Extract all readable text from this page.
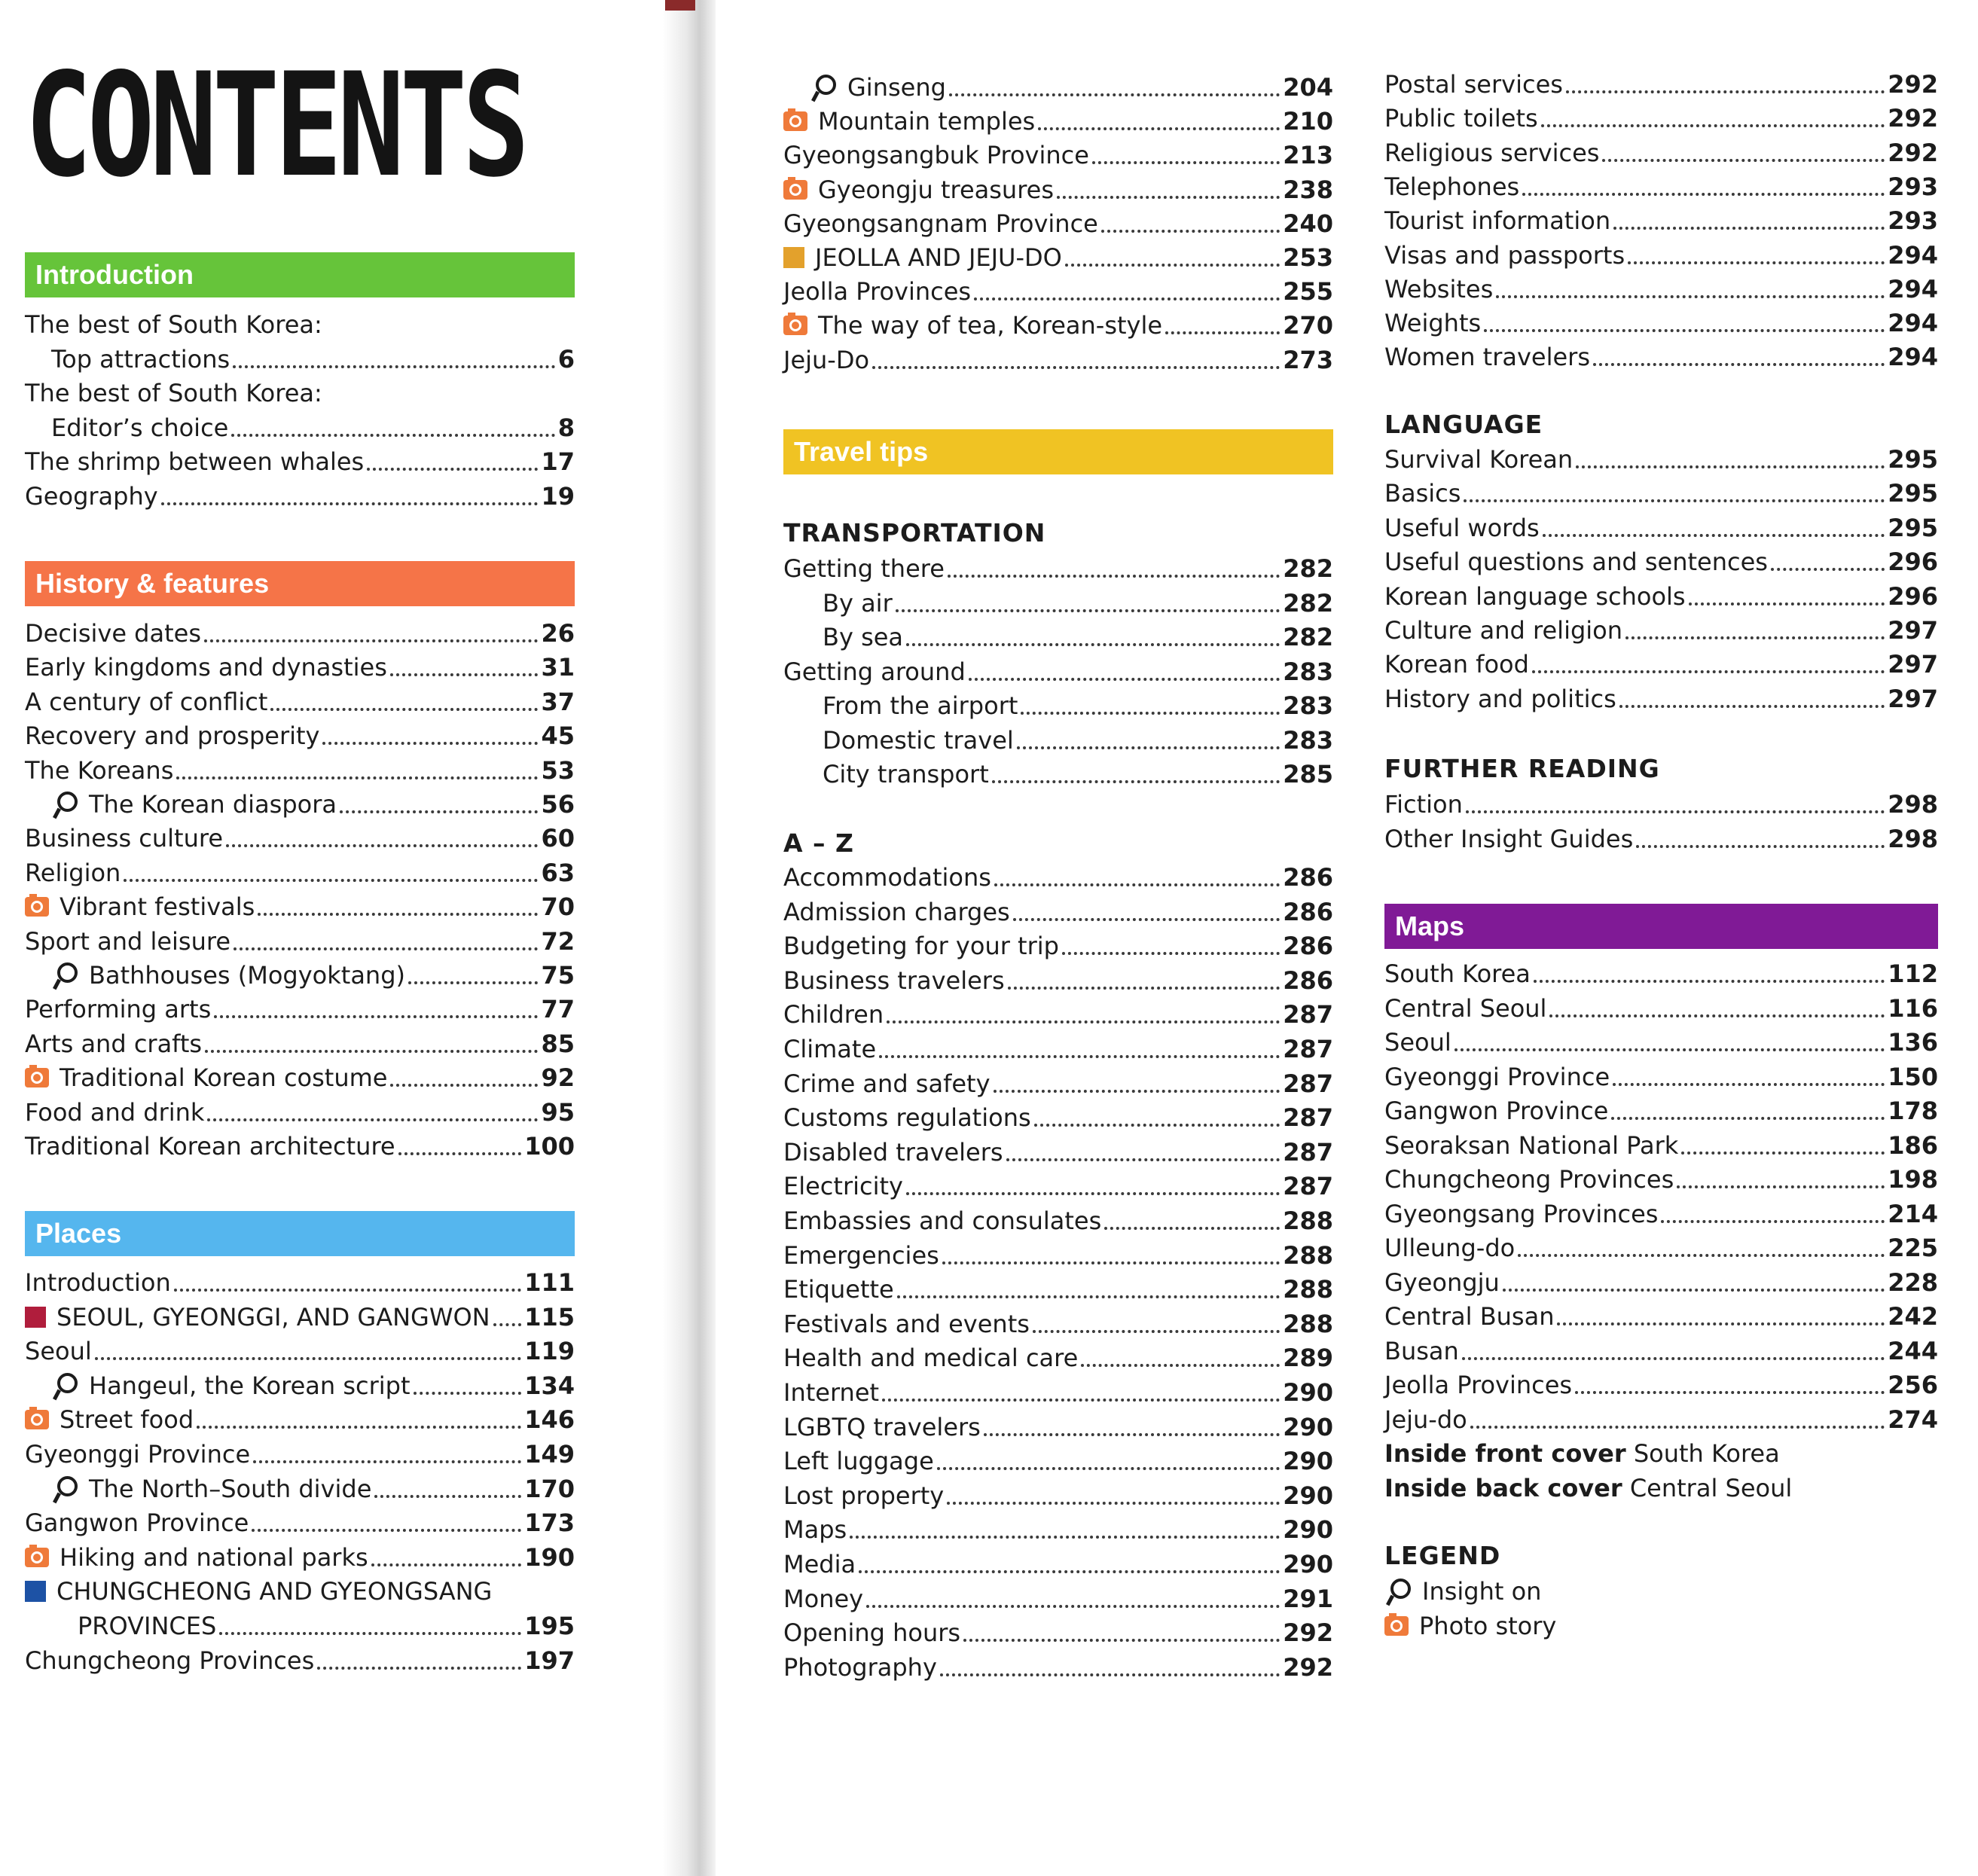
CONTENTS
Introduction
The best of South Korea:
Top attractions	6
The best of South Korea:
Editor’s choice	8
The shrimp between whales	17
Geography	19
History & features
Decisive dates	26
Early kingdoms and dynasties	31
A century of conflict	37
Recovery and prosperity	45
The Koreans	53
The Korean diaspora	56
Business culture	60
Religion	63
Vibrant festivals	70
Sport and leisure	72
Bathhouses (Mogyoktang)	75
Performing arts	77
Arts and crafts	85
Traditional Korean costume	92
Food and drink	95
Traditional Korean architecture	100
Places
Introduction	111
SEOUL, GYEONGGI, AND GANGWON 115
Seoul	119
Hangeul, the Korean script	134
Street food	146
Gyeonggi Province	149
The North–South divide	170
Gangwon Province	173
Hiking and national parks	190
CHUNGCHEONG AND GYEONGSANG
PROVINCES	195
Chungcheong Provinces	197
Ginseng	204
Mountain temples	210
Gyeongsangbuk Province	213
Gyeongju treasures	238
Gyeongsangnam Province	240
JEOLLA AND JEJU-DO	253
Jeolla Provinces	255
The way of tea, Korean-style	270
Jeju-Do	273
Travel tips
TRANSPORTATION
Getting there	282
By air	282
By sea	282
Getting around	283
From the airport	283
Domestic travel	283
City transport	285
A – Z
Accommodations	286
Admission charges	286
Budgeting for your trip	286
Business travelers	286
Children	287
Climate	287
Crime and safety	287
Customs regulations	287
Disabled travelers	287
Electricity	287
Embassies and consulates	288
Emergencies	288
Etiquette	288
Festivals and events	288
Health and medical care	289
Internet	290
LGBTQ travelers	290
Left luggage	290
Lost property	290
Maps	290
Media	290
Money	291
Opening hours	292
Photography	292
Postal services	292
Public toilets	292
Religious services	292
Telephones	293
Tourist information	293
Visas and passports	294
Websites	294
Weights	294
Women travelers	294
LANGUAGE
Survival Korean	295
Basics	295
Useful words	295
Useful questions and sentences	296
Korean language schools	296
Culture and religion	297
Korean food	297
History and politics	297
FURTHER READING
Fiction	298
Other Insight Guides	298
Maps
South Korea	112
Central Seoul	116
Seoul	136
Gyeonggi Province	150
Gangwon Province	178
Seoraksan National Park	186
Chungcheong Provinces	198
Gyeongsang Provinces	214
Ulleung-do	225
Gyeongju	228
Central Busan	242
Busan	244
Jeolla Provinces	256
Jeju-do	274
Inside front cover South Korea
Inside back cover Central Seoul
LEGEND
Insight on
Photo story
